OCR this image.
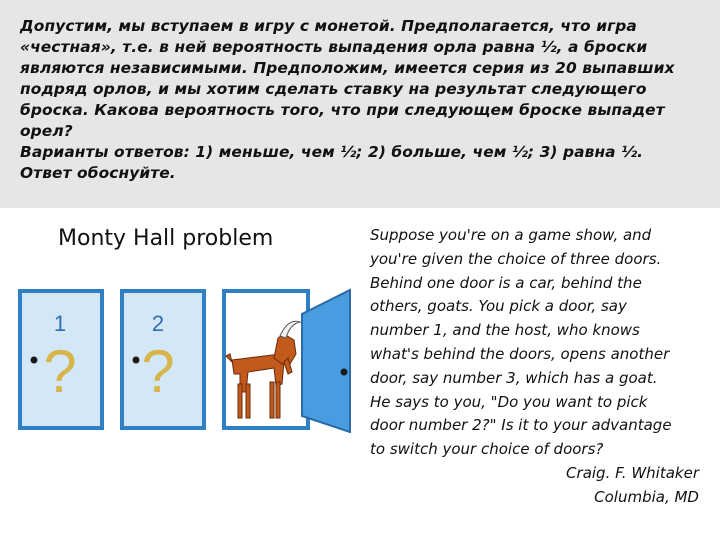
Допустим, мы вступаем в игру с монетой. Предполагается, что игра
«честная», т.е. в ней вероятность выпадения орла равна ½, а броски
являются независимыми. Предположим, имеется серия из 20 выпавших
подряд орлов, и мы хотим сделать ставку на результат следующего
броска. Какова вероятность того, что при следующем броске выпадет
орел?
Варианты ответов: 1) меньше, чем ½; 2) больше, чем ½; 3) равна ½.
Ответ обоснуйте.

Monty Hall problem
1
?
2
?
Suppose you're on a game show, and
you're given the choice of three doors.
Behind one door is a car, behind the
others, goats. You pick a door, say
number 1, and the host, who knows
what's behind the doors, opens another
door, say number 3, which has a goat.
He says to you, "Do you want to pick
door number 2?" Is it to your advantage
to switch your choice of doors?
Craig. F. Whitaker
Columbia, MD
